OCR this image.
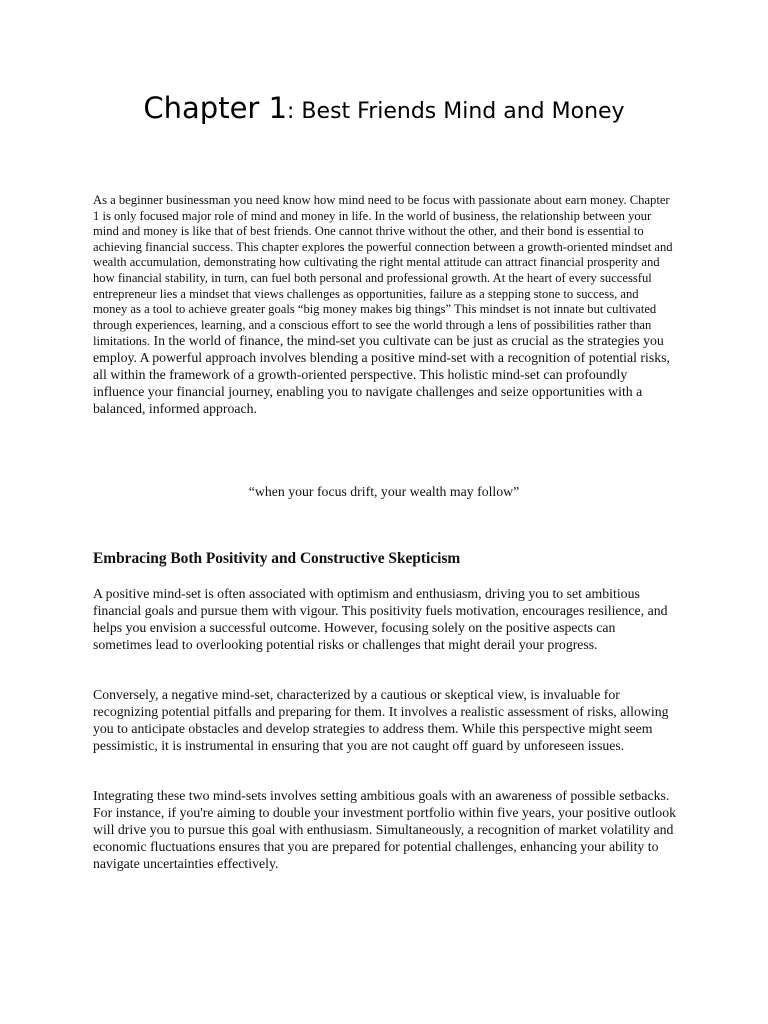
Chapter 1: Best Friends Mind and Money

As a beginner businessman you need know how mind need to be focus with passionate about earn money. Chapter 1 is only focused major role of mind and money in life. In the world of business, the relationship between your mind and money is like that of best friends. One cannot thrive without the other, and their bond is essential to achieving financial success. This chapter explores the powerful connection between a growth-oriented mindset and wealth accumulation, demonstrating how cultivating the right mental attitude can attract financial prosperity and how financial stability, in turn, can fuel both personal and professional growth. At the heart of every successful entrepreneur lies a mindset that views challenges as opportunities, failure as a stepping stone to success, and money as a tool to achieve greater goals “big money makes big things” This mindset is not innate but cultivated through experiences, learning, and a conscious effort to see the world through a lens of possibilities rather than limitations. In the world of finance, the mind-set you cultivate can be just as crucial as the strategies you employ. A powerful approach involves blending a positive mind-set with a recognition of potential risks, all within the framework of a growth-oriented perspective. This holistic mind-set can profoundly influence your financial journey, enabling you to navigate challenges and seize opportunities with a balanced, informed approach.

“when your focus drift, your wealth may follow”

Embracing Both Positivity and Constructive Skepticism

A positive mind-set is often associated with optimism and enthusiasm, driving you to set ambitious financial goals and pursue them with vigour. This positivity fuels motivation, encourages resilience, and helps you envision a successful outcome. However, focusing solely on the positive aspects can sometimes lead to overlooking potential risks or challenges that might derail your progress.

Conversely, a negative mind-set, characterized by a cautious or skeptical view, is invaluable for recognizing potential pitfalls and preparing for them. It involves a realistic assessment of risks, allowing you to anticipate obstacles and develop strategies to address them. While this perspective might seem pessimistic, it is instrumental in ensuring that you are not caught off guard by unforeseen issues.

Integrating these two mind-sets involves setting ambitious goals with an awareness of possible setbacks. For instance, if you're aiming to double your investment portfolio within five years, your positive outlook will drive you to pursue this goal with enthusiasm. Simultaneously, a recognition of market volatility and economic fluctuations ensures that you are prepared for potential challenges, enhancing your ability to navigate uncertainties effectively.
